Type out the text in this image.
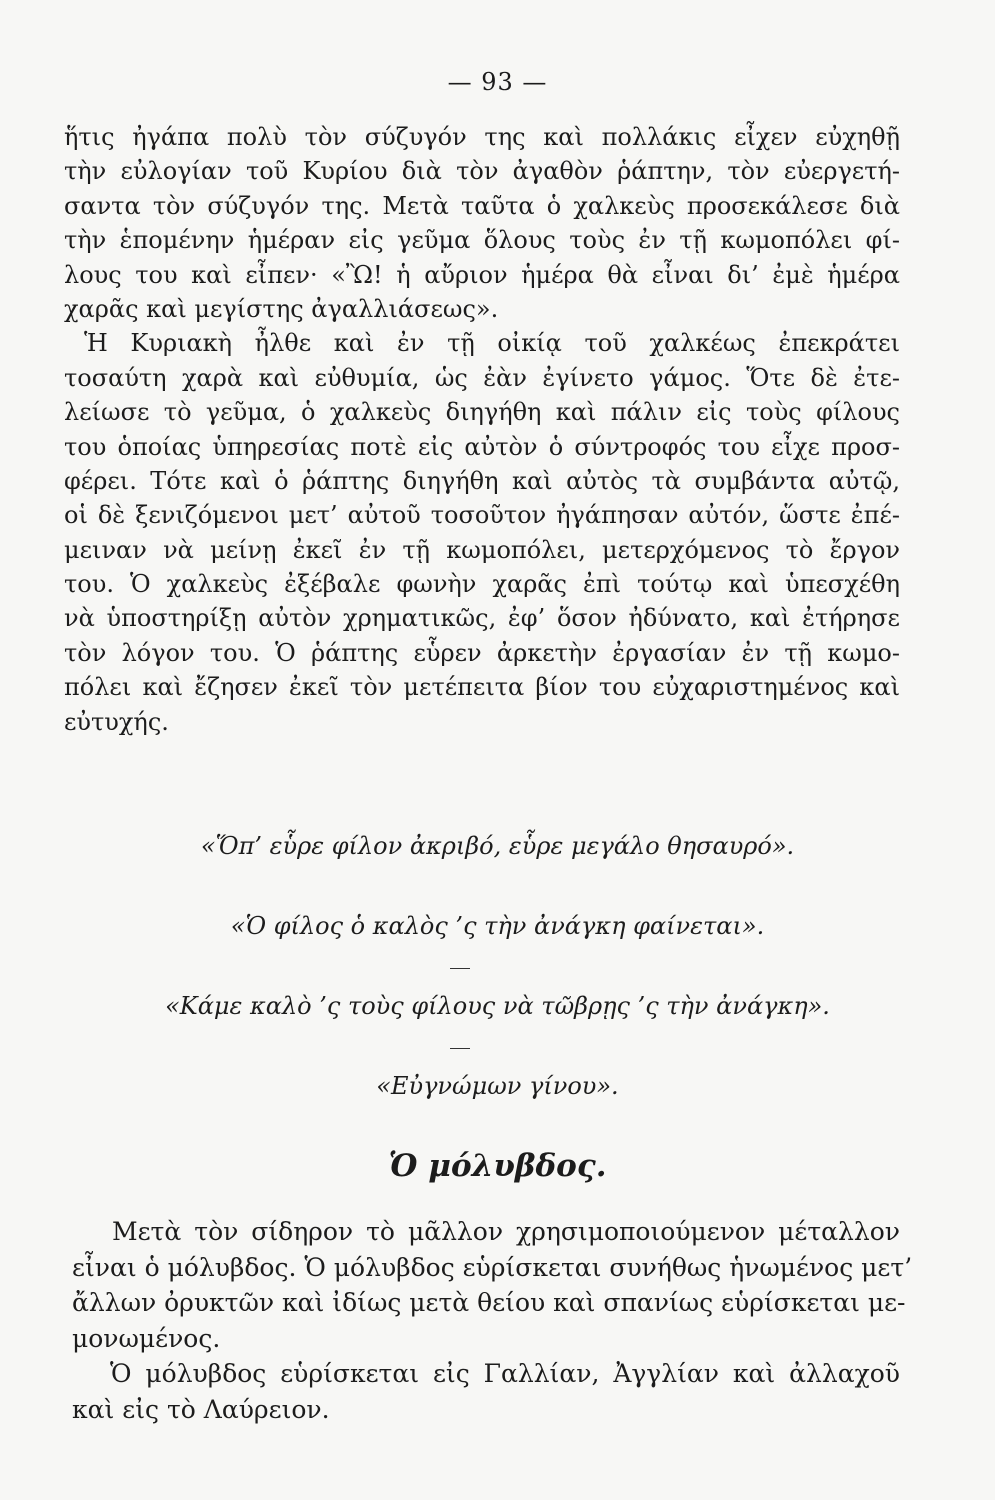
— 93 —
ἥτις ἠγάπα πολὺ τὸν σύζυγόν της καὶ πολλάκις εἶχεν εὐχηθῇ
τὴν εὐλογίαν τοῦ Κυρίου διὰ τὸν ἀγαθὸν ῥάπτην, τὸν εὐεργετή-
σαντα τὸν σύζυγόν της. Μετὰ ταῦτα ὁ χαλκεὺς προσεκάλεσε διὰ
τὴν ἑπομένην ἡμέραν εἰς γεῦμα ὅλους τοὺς ἐν τῇ κωμοπόλει φί-
λους του καὶ εἶπεν· «Ὢ! ἡ αὔριον ἡμέρα θὰ εἶναι δι’ ἐμὲ ἡμέρα
χαρᾶς καὶ μεγίστης ἀγαλλιάσεως».
Ἡ Κυριακὴ ἦλθε καὶ ἐν τῇ οἰκίᾳ τοῦ χαλκέως ἐπεκράτει
τοσαύτη χαρὰ καὶ εὐθυμία, ὡς ἐὰν ἐγίνετο γάμος. Ὅτε δὲ ἐτε-
λείωσε τὸ γεῦμα, ὁ χαλκεὺς διηγήθη καὶ πάλιν εἰς τοὺς φίλους
του ὁποίας ὑπηρεσίας ποτὲ εἰς αὐτὸν ὁ σύντροφός του εἶχε προσ-
φέρει. Τότε καὶ ὁ ῥάπτης διηγήθη καὶ αὐτὸς τὰ συμβάντα αὐτῷ,
οἱ δὲ ξενιζόμενοι μετ’ αὐτοῦ τοσοῦτον ἠγάπησαν αὐτόν, ὥστε ἐπέ-
μειναν νὰ μείνῃ ἐκεῖ ἐν τῇ κωμοπόλει, μετερχόμενος τὸ ἔργον
του. Ὁ χαλκεὺς ἐξέβαλε φωνὴν χαρᾶς ἐπὶ τούτῳ καὶ ὑπεσχέθη
νὰ ὑποστηρίξῃ αὐτὸν χρηματικῶς, ἐφ’ ὅσον ἠδύνατο, καὶ ἐτήρησε
τὸν λόγον του. Ὁ ῥάπτης εὗρεν ἀρκετὴν ἐργασίαν ἐν τῇ κωμο-
πόλει καὶ ἔζησεν ἐκεῖ τὸν μετέπειτα βίον του εὐχαριστημένος καὶ
εὐτυχής.
«Ὅπ’ εὗρε φίλον ἀκριβό, εὗρε μεγάλο θησαυρό».
«Ὁ φίλος ὁ καλὸς ’ς τὴν ἀνάγκη φαίνεται».
«Κάμε καλὸ ’ς τοὺς φίλους νὰ τῶβρῃς ’ς τὴν ἀνάγκη».
«Εὐγνώμων γίνου».
Ὁ μόλυβδος.
Μετὰ τὸν σίδηρον τὸ μᾶλλον χρησιμοποιούμενον μέταλλον
εἶναι ὁ μόλυβδος. Ὁ μόλυβδος εὑρίσκεται συνήθως ἡνωμένος μετ’
ἄλλων ὀρυκτῶν καὶ ἰδίως μετὰ θείου καὶ σπανίως εὑρίσκεται με-
μονωμένος.
Ὁ μόλυβδος εὑρίσκεται εἰς Γαλλίαν, Ἀγγλίαν καὶ ἀλλαχοῦ
καὶ εἰς τὸ Λαύρειον.
